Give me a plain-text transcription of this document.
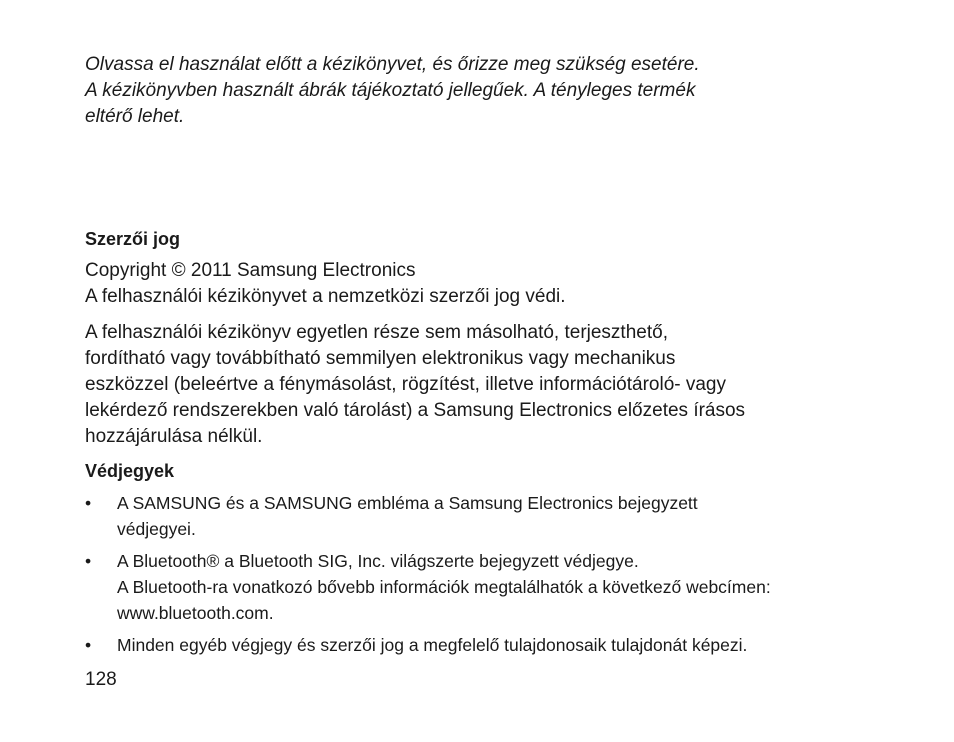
Olvassa el használat előtt a kézikönyvet, és őrizze meg szükség esetére.

A kézikönyvben használt ábrák tájékoztató jellegűek. A tényleges termék

eltérő lehet.

Szerzői jog

Copyright © 2011 Samsung Electronics

A felhasználói kézikönyvet a nemzetközi szerzői jog védi.

A felhasználói kézikönyv egyetlen része sem másolható, terjeszthető,

fordítható vagy továbbítható semmilyen elektronikus vagy mechanikus

eszközzel (beleértve a fénymásolást, rögzítést, illetve információtároló- vagy

lekérdező rendszerekben való tárolást) a Samsung Electronics előzetes írásos

hozzájárulása nélkül.

Védjegyek
•	A SAMSUNG és a SAMSUNG embléma a Samsung Electronics bejegyzett
védjegyei.
•	A Bluetooth® a Bluetooth SIG, Inc. világszerte bejegyzett védjegye.
A Bluetooth-ra vonatkozó bővebb információk megtalálhatók a következő webcímen:
www.bluetooth.com.
•	Minden egyéb végjegy és szerzői jog a megfelelő tulajdonosaik tulajdonát képezi.
128
